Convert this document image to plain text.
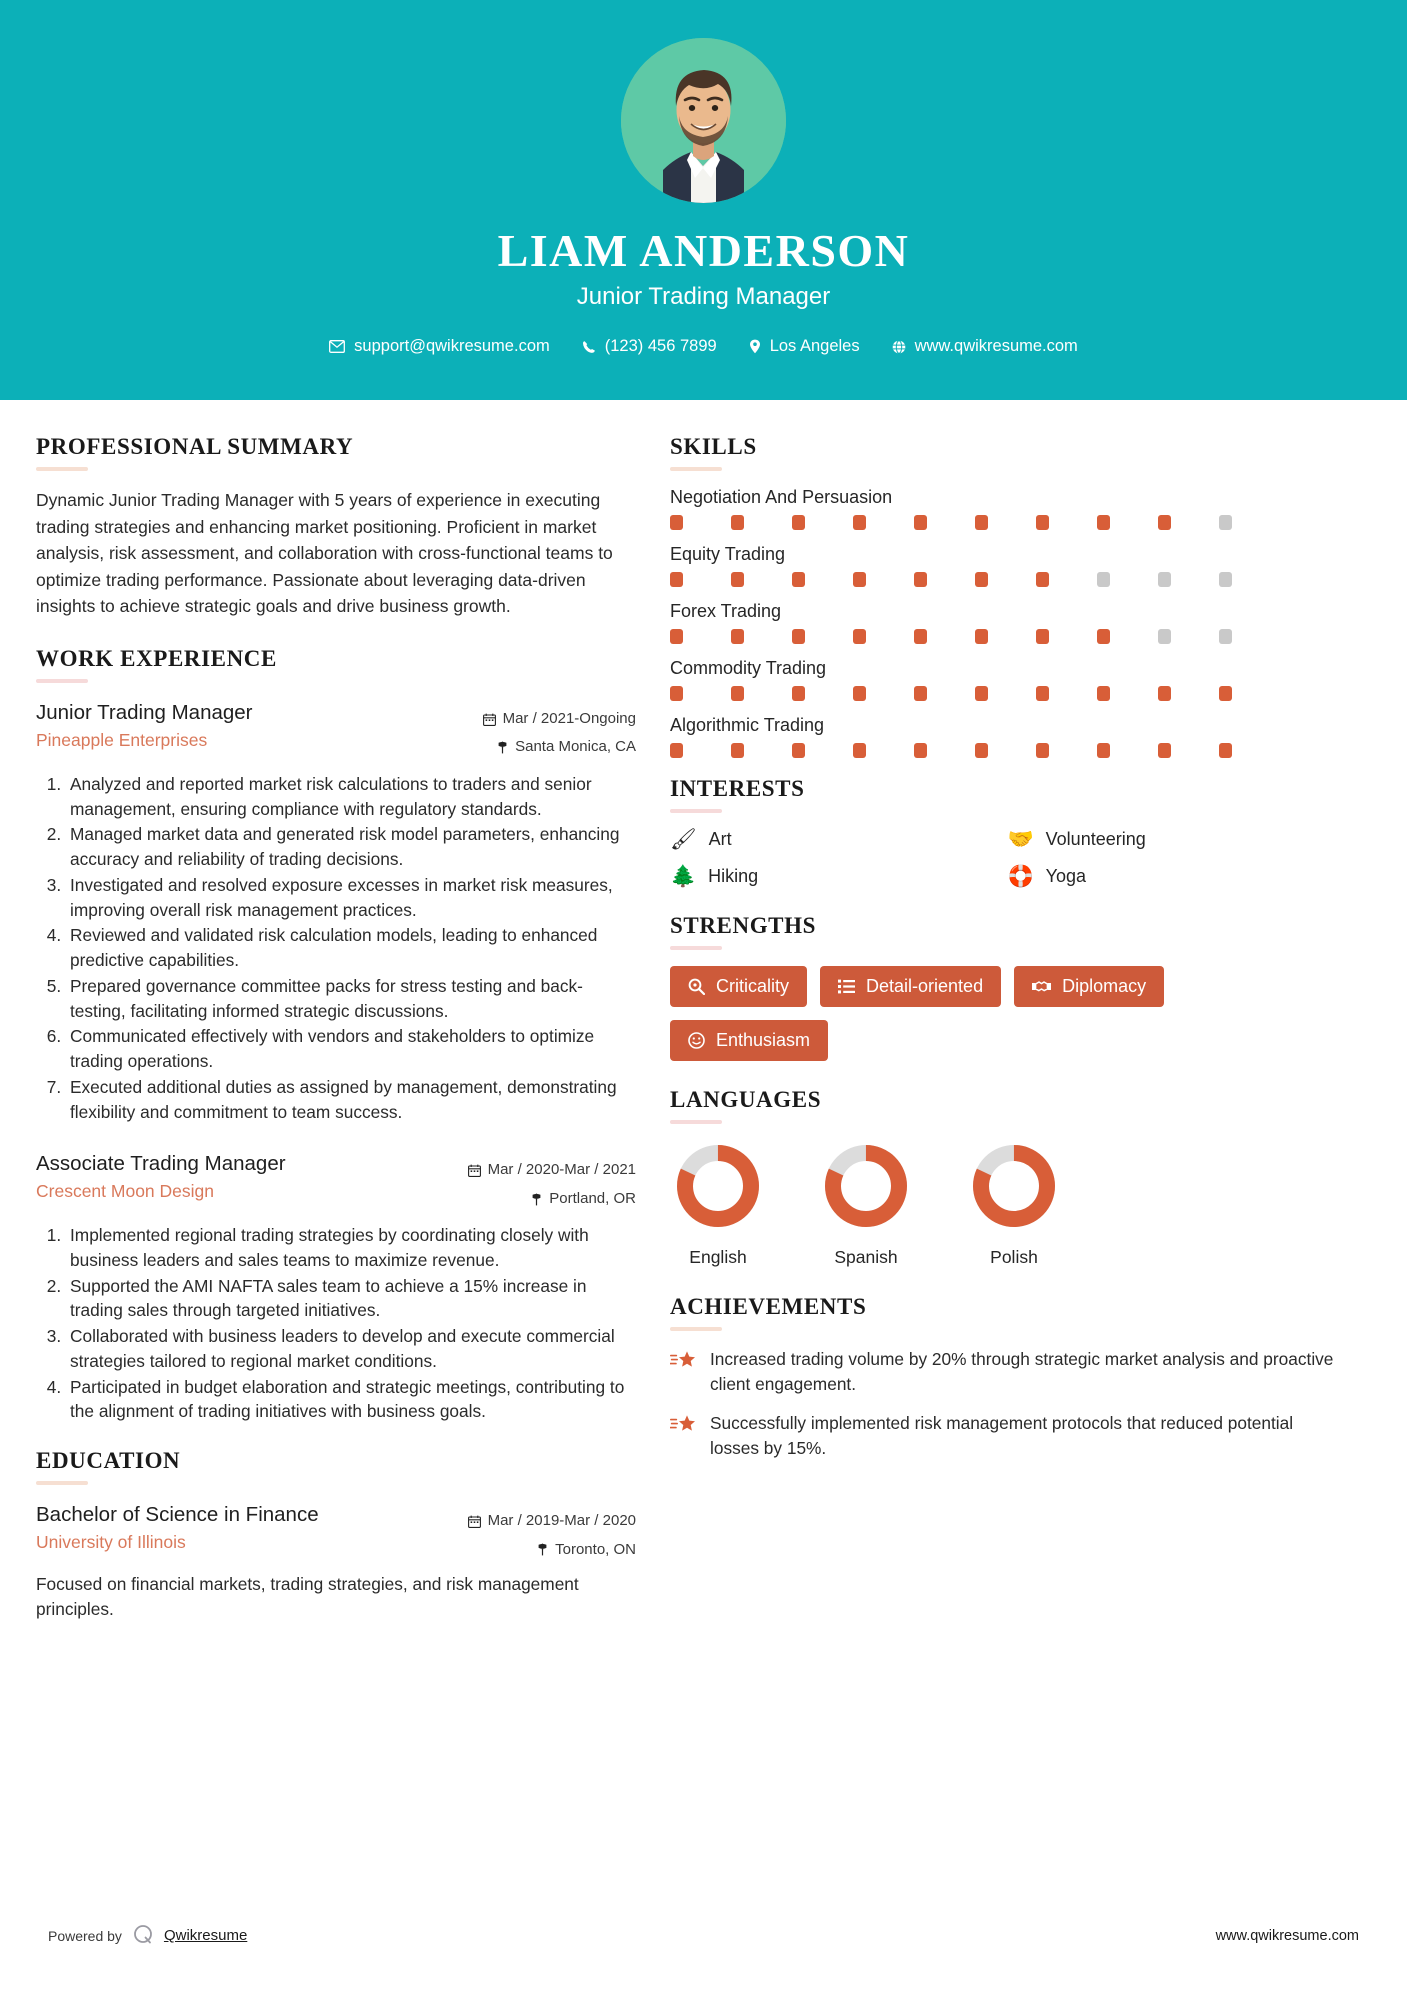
LIAM ANDERSON
Junior Trading Manager
support@qwikresume.com	(123) 456 7899	Los Angeles	www.qwikresume.com
PROFESSIONAL SUMMARY
Dynamic Junior Trading Manager with 5 years of experience in executing trading strategies and enhancing market positioning. Proficient in market analysis, risk assessment, and collaboration with cross-functional teams to optimize trading performance. Passionate about leveraging data-driven insights to achieve strategic goals and drive business growth.
WORK EXPERIENCE
Junior Trading Manager
Pineapple Enterprises
Mar / 2021-Ongoing
Santa Monica, CA
1. Analyzed and reported market risk calculations to traders and senior management, ensuring compliance with regulatory standards.
2. Managed market data and generated risk model parameters, enhancing accuracy and reliability of trading decisions.
3. Investigated and resolved exposure excesses in market risk measures, improving overall risk management practices.
4. Reviewed and validated risk calculation models, leading to enhanced predictive capabilities.
5. Prepared governance committee packs for stress testing and back-testing, facilitating informed strategic discussions.
6. Communicated effectively with vendors and stakeholders to optimize trading operations.
7. Executed additional duties as assigned by management, demonstrating flexibility and commitment to team success.
Associate Trading Manager
Crescent Moon Design
Mar / 2020-Mar / 2021
Portland, OR
1. Implemented regional trading strategies by coordinating closely with business leaders and sales teams to maximize revenue.
2. Supported the AMI NAFTA sales team to achieve a 15% increase in trading sales through targeted initiatives.
3. Collaborated with business leaders to develop and execute commercial strategies tailored to regional market conditions.
4. Participated in budget elaboration and strategic meetings, contributing to the alignment of trading initiatives with business goals.
EDUCATION
Bachelor of Science in Finance
University of Illinois
Mar / 2019-Mar / 2020
Toronto, ON
Focused on financial markets, trading strategies, and risk management principles.
SKILLS
Negotiation And Persuasion
Equity Trading
Forex Trading
Commodity Trading
Algorithmic Trading
INTERESTS
🖌 Art	🤝 Volunteering
🌲 Hiking	🛟 Yoga
STRENGTHS
Criticality	Detail-oriented	Diplomacy
Enthusiasm
LANGUAGES
English	Spanish	Polish
ACHIEVEMENTS
Increased trading volume by 20% through strategic market analysis and proactive client engagement.
Successfully implemented risk management protocols that reduced potential losses by 15%.
Powered by	Qwikresume	www.qwikresume.com
